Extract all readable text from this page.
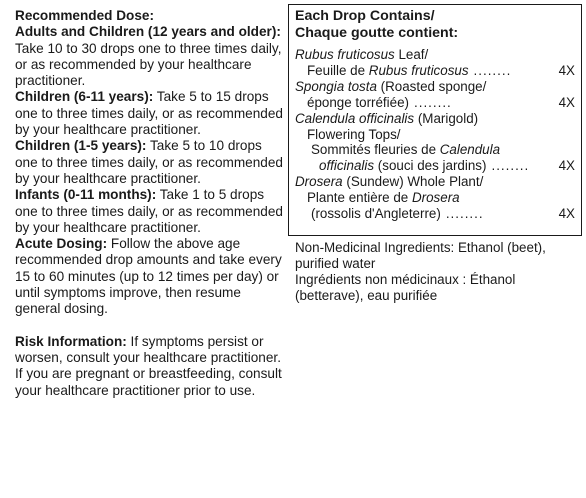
Recommended Dose:

Adults and Children (12 years and older): Take 10 to 30 drops one to three times daily, or as recommended by your healthcare practitioner.

Children (6-11 years): Take 5 to 15 drops one to three times daily, or as recommended by your healthcare practitioner.

Children (1-5 years): Take 5 to 10 drops one to three times daily, or as recommended by your healthcare practitioner.

Infants (0-11 months): Take 1 to 5 drops one to three times daily, or as recommended by your healthcare practitioner.

Acute Dosing: Follow the above age recommended drop amounts and take every 15 to 60 minutes (up to 12 times per day) or until symptoms improve, then resume general dosing.

Risk Information: If symptoms persist or worsen, consult your healthcare practitioner. If you are pregnant or breastfeeding, consult your healthcare practitioner prior to use.

Each Drop Contains/
Chaque goutte contient:
Rubus fruticosus Leaf/
Feuille de Rubus fruticosus ........	4X
Spongia tosta (Roasted sponge/
éponge torréfiée) ........	4X
Calendula officinalis (Marigold)
Flowering Tops/
Sommités fleuries de Calendula
officinalis (souci des jardins) ........	4X
Drosera (Sundew) Whole Plant/
Plante entière de Drosera
(rossolis d'Angleterre) ........	4X

Non-Medicinal Ingredients: Ethanol (beet), purified water

Ingrédients non médicinaux : Éthanol (betterave), eau purifiée
